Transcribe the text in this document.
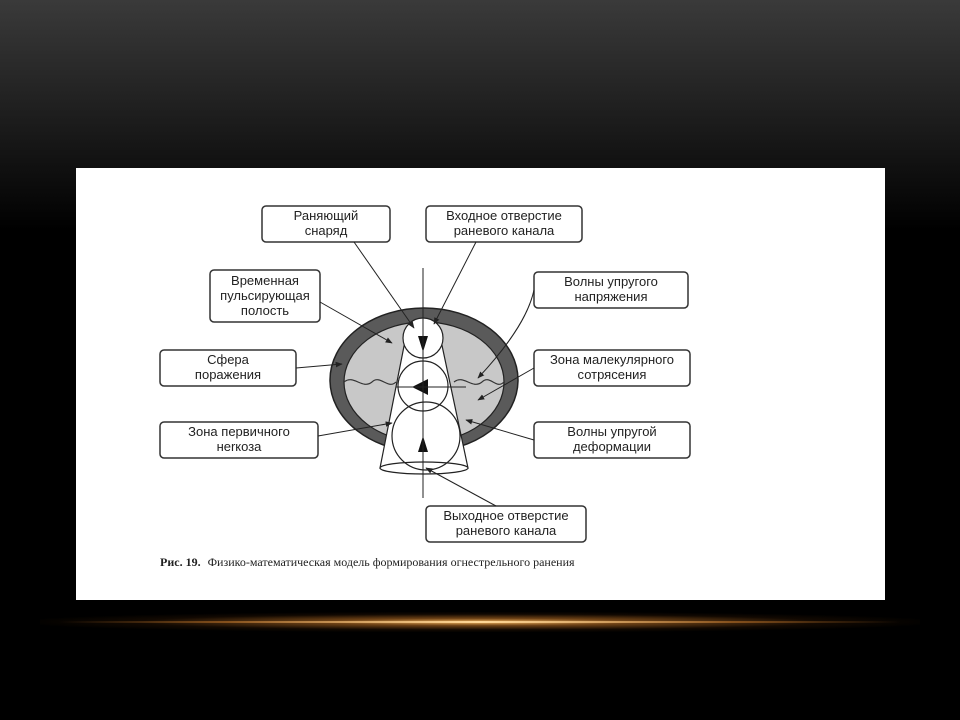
Раняющий
снаряд
Входное отверстие
раневого канала
Временная
пульсирующая
полость
Волны упругого
напряжения
Сфера
поражения
Зона малекулярного
сотрясения
Зона первичного
нerкоза
Волны упругой
деформации
Выходное отверстие
раневого канала
Рис. 19. Физико-математическая модель формирования огнестрельного ранения
